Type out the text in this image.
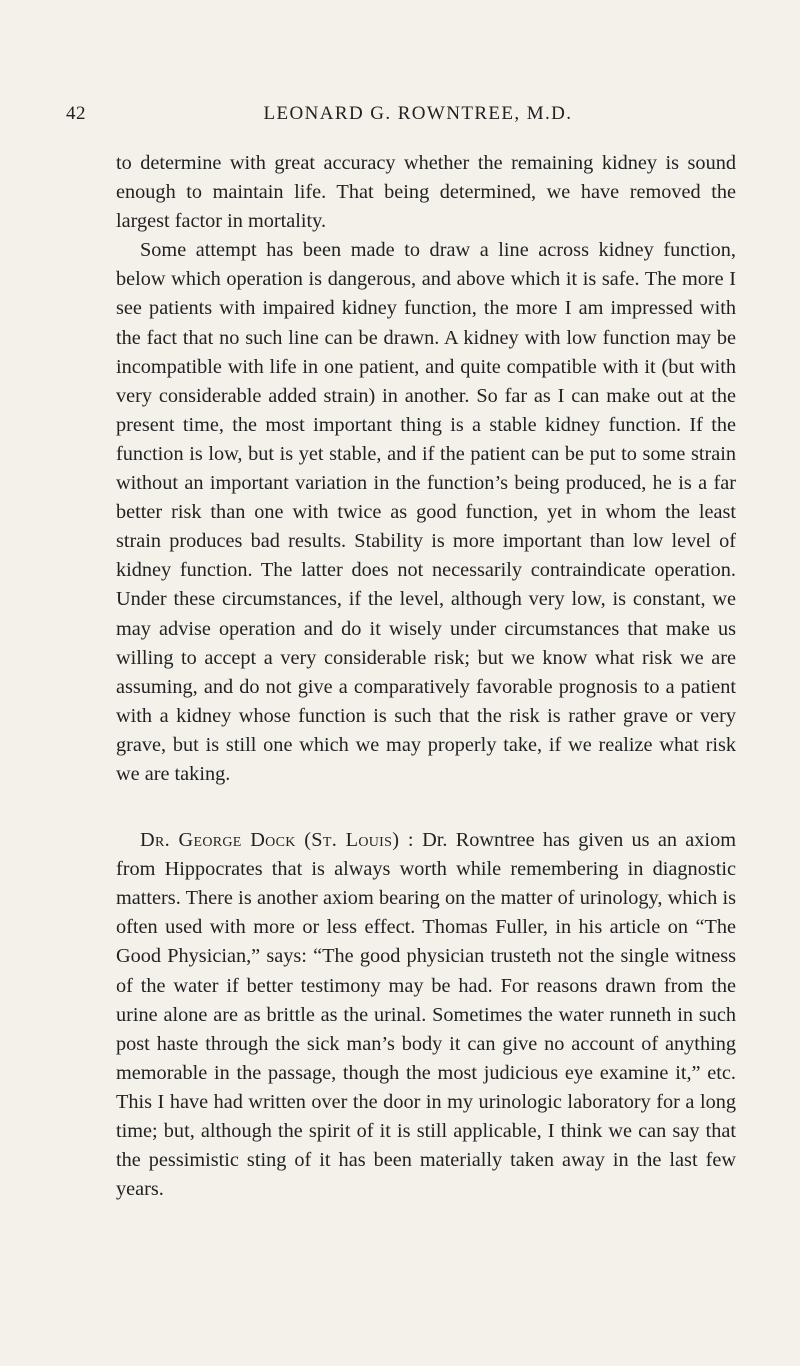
42	LEONARD G. ROWNTREE, M.D.

to determine with great accuracy whether the remaining kidney is sound enough to maintain life. That being determined, we have removed the largest factor in mortality.

Some attempt has been made to draw a line across kidney function, below which operation is dangerous, and above which it is safe. The more I see patients with impaired kidney function, the more I am impressed with the fact that no such line can be drawn. A kidney with low function may be incompatible with life in one patient, and quite compatible with it (but with very considerable added strain) in another. So far as I can make out at the present time, the most important thing is a stable kidney function. If the function is low, but is yet stable, and if the patient can be put to some strain without an important variation in the function’s being produced, he is a far better risk than one with twice as good function, yet in whom the least strain produces bad results. Stability is more important than low level of kidney function. The latter does not necessarily contraindicate operation. Under these circumstances, if the level, although very low, is constant, we may advise operation and do it wisely under circumstances that make us willing to accept a very considerable risk; but we know what risk we are assuming, and do not give a comparatively favorable prognosis to a patient with a kidney whose function is such that the risk is rather grave or very grave, but is still one which we may properly take, if we realize what risk we are taking.

Dr. George Dock (St. Louis) : Dr. Rowntree has given us an axiom from Hippocrates that is always worth while remembering in diagnostic matters. There is another axiom bearing on the matter of urinology, which is often used with more or less effect. Thomas Fuller, in his article on “The Good Physician,” says: “The good physician trusteth not the single witness of the water if better testimony may be had. For reasons drawn from the urine alone are as brittle as the urinal. Sometimes the water runneth in such post haste through the sick man’s body it can give no account of anything memorable in the passage, though the most judicious eye examine it,” etc. This I have had written over the door in my urinologic laboratory for a long time; but, although the spirit of it is still applicable, I think we can say that the pessimistic sting of it has been materially taken away in the last few years.
